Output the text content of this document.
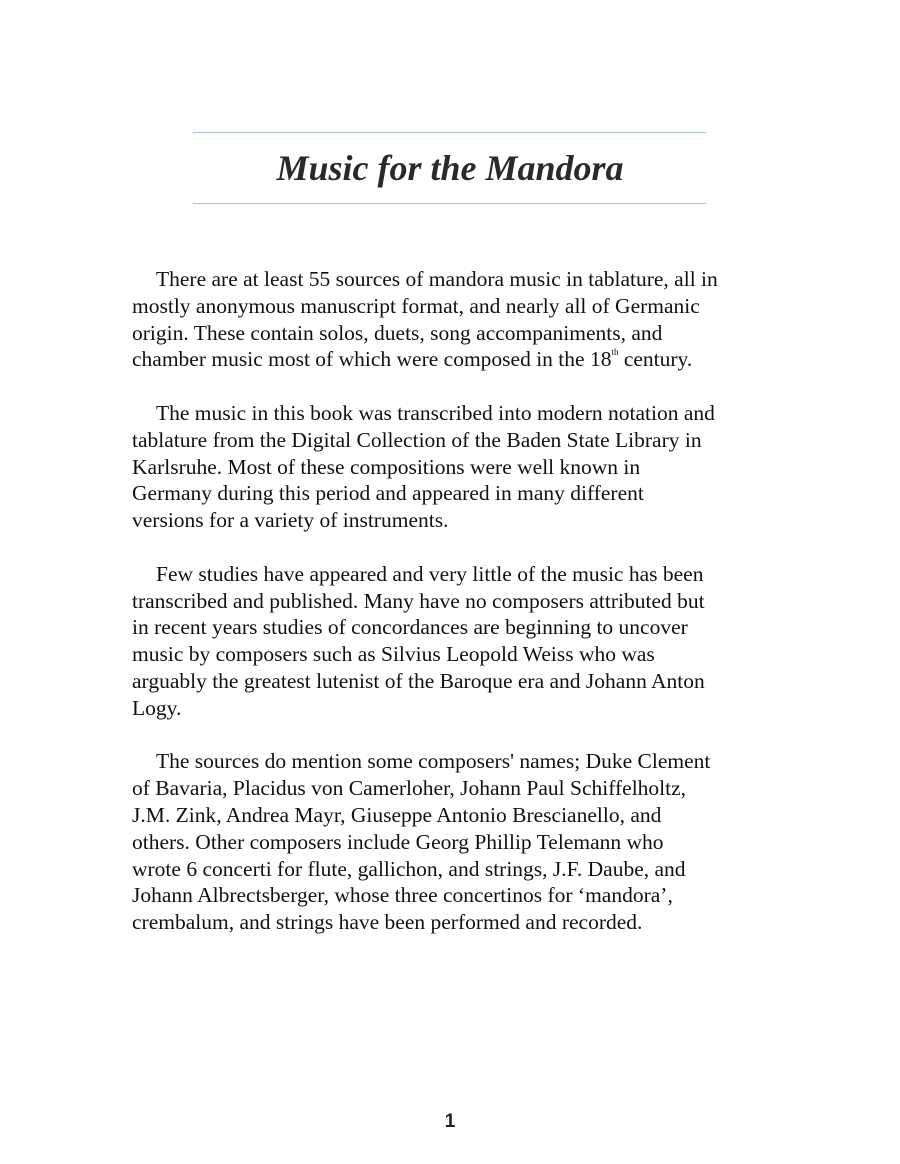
Music for the Mandora

There are at least 55 sources of mandora music in tablature, all in
mostly anonymous manuscript format, and nearly all of Germanic
origin. These contain solos, duets, song accompaniments, and
chamber music most of which were composed in the 18th century.

The music in this book was transcribed into modern notation and
tablature from the Digital Collection of the Baden State Library in
Karlsruhe. Most of these compositions were well known in
Germany during this period and appeared in many different
versions for a variety of instruments.

Few studies have appeared and very little of the music has been
transcribed and published. Many have no composers attributed but
in recent years studies of concordances are beginning to uncover
music by composers such as Silvius Leopold Weiss who was
arguably the greatest lutenist of the Baroque era and Johann Anton
Logy.

The sources do mention some composers' names; Duke Clement
of Bavaria, Placidus von Camerloher, Johann Paul Schiffelholtz,
J.M. Zink, Andrea Mayr, Giuseppe Antonio Brescianello, and
others. Other composers include Georg Phillip Telemann who
wrote 6 concerti for flute, gallichon, and strings, J.F. Daube, and
Johann Albrectsberger, whose three concertinos for ‘mandora’,
crembalum, and strings have been performed and recorded.

1
